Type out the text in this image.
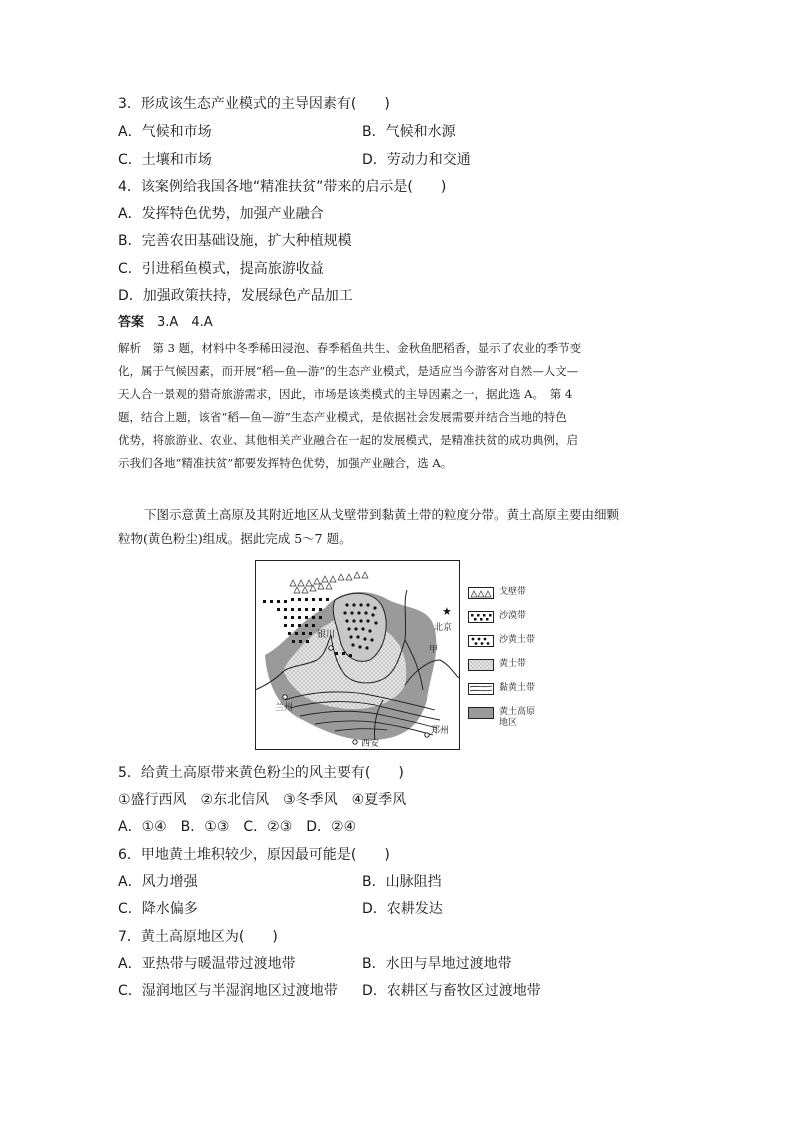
3．形成该生态产业模式的主导因素有(　　)
A．气候和市场	B．气候和水源
C．土壤和市场	D．劳动力和交通
4．该案例给我国各地“精准扶贫”带来的启示是(　　)
A．发挥特色优势，加强产业融合
B．完善农田基础设施，扩大种植规模
C．引进稻鱼模式，提高旅游收益
D．加强政策扶持，发展绿色产品加工
答案　 3.A　4.A
解析　第 3 题，材料中冬季稀田浸泡、春季稻鱼共生、金秋鱼肥稻香，显示了农业的季节变
化，属于气候因素，而开展“稻—鱼—游”的生态产业模式，是适应当今游客对自然—人文—
天人合一景观的猎奇旅游需求，因此，市场是该类模式的主导因素之一，据此选 A。　第 4
题，结合上题，该省“稻—鱼—游”生态产业模式，是依据社会发展需要并结合当地的特色
优势，将旅游业、农业、其他相关产业融合在一起的发展模式，是精准扶贫的成功典例，启
示我们各地“精准扶贫”都要发挥特色优势，加强产业融合，选 A。
下图示意黄土高原及其附近地区从戈壁带到黏黄土带的粒度分带。黄土高原主要由细颗
粒物(黄色粉尘)组成。据此完成 5～7 题。
★
北京
甲
银川
兰州
郑州
西安
戈壁带
沙漠带
沙黄土带
黄土带
黏黄土带
黄土高原
地区
5．给黄土高原带来黄色粉尘的风主要有(　　)
①盛行西风　②东北信风　③冬季风　④夏季风
A．①④　B．①③　C．②③　D．②④
6．甲地黄土堆积较少，原因最可能是(　　)
A．风力增强	B．山脉阻挡
C．降水偏多	D．农耕发达
7．黄土高原地区为(　　)
A．亚热带与暖温带过渡地带	B．水田与旱地过渡地带
C．湿润地区与半湿润地区过渡地带 D．农耕区与畜牧区过渡地带
